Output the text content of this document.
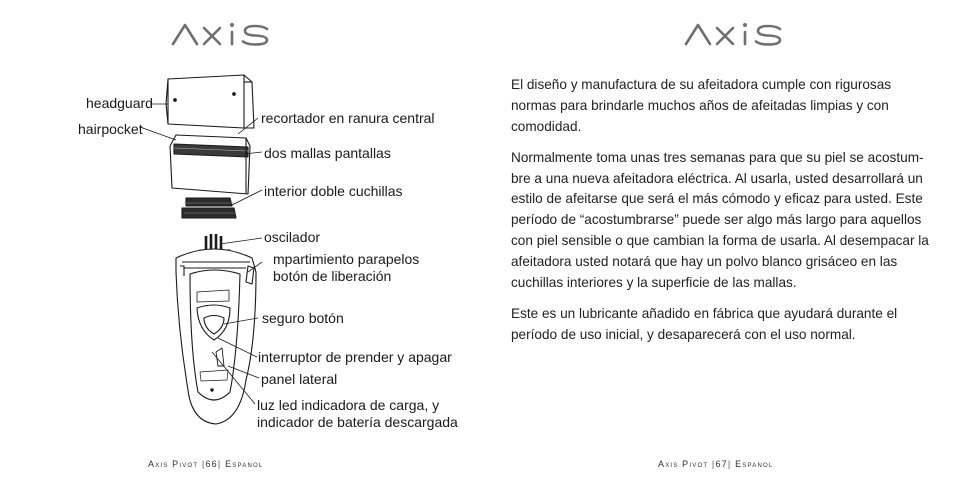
headguard
hairpocket
recortador en ranura central
dos mallas pantallas
interior doble cuchillas
oscilador
mpartimiento parapelos
botón de liberación
seguro botón
interruptor de prender y apagar
panel lateral
luz led indicadora de carga, y
indicador de batería descargada
Axis Pivot |66| Espanol

El diseño y manufactura de su afeitadora cumple con rigurosas normas para brindarle muchos años de afeitadas limpias y con comodidad.

Normalmente toma unas tres semanas para que su piel se acostum-bre a una nueva afeitadora eléctrica. Al usarla, usted desarrollará un estilo de afeitarse que será el más cómodo y eficaz para usted. Este período de “acostumbrarse” puede ser algo más largo para aquellos con piel sensible o que cambian la forma de usarla. Al desempacar la afeitadora usted notará que hay un polvo blanco grisáceo en las cuchillas interiores y la superficie de las mallas.

Este es un lubricante añadido en fábrica que ayudará durante el período de uso inicial, y desaparecerá con el uso normal.

Axis Pivot |67| Espanol
